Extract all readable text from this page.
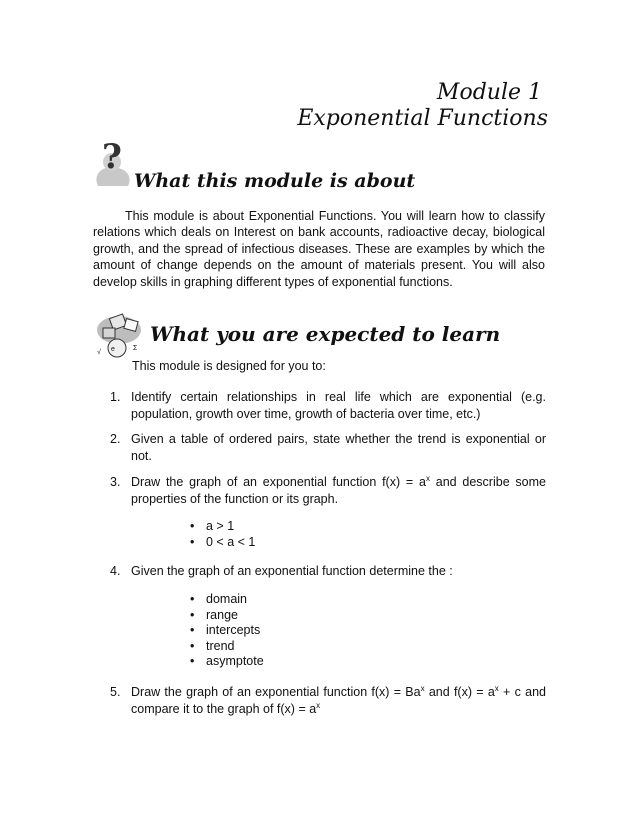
Module 1
Exponential Functions
?
What this module is about
This module is about Exponential Functions. You will learn how to classify relations which deals on Interest on bank accounts, radioactive decay, biological growth, and the spread of infectious diseases. These are examples by which the amount of change depends on the amount of materials present. You will also develop skills in graphing different types of exponential functions.
e	Σ
√
What you are expected to learn
This module is designed for you to:
1. Identify certain relationships in real life which are exponential (e.g. population, growth over time, growth of bacteria over time, etc.)
2. Given a table of ordered pairs, state whether the trend is exponential or not.
3. Draw the graph of an exponential function $f(x) = a^x$ and describe some properties of the function or its graph.
• a > 1
• 0 < a < 1
4. Given the graph of an exponential function determine the :
• domain
• range
• intercepts
• trend
• asymptote
5. Draw the graph of an exponential function $f(x) = Ba^x$ and $f(x) = a^x + c$ and compare it to the graph of $f(x) = a^x$
